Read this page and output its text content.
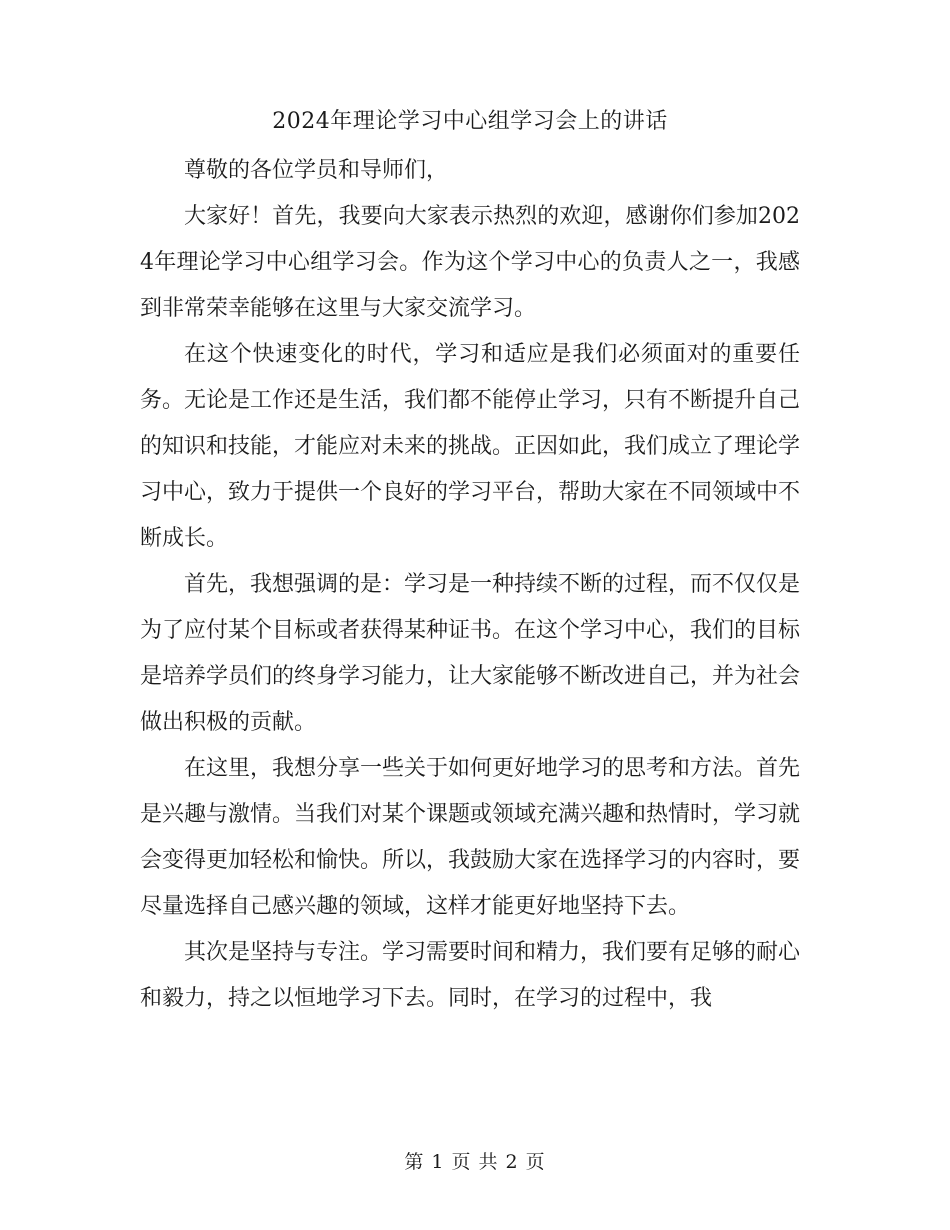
2024年理论学习中心组学习会上的讲话

尊敬的各位学员和导师们，

大家好！首先，我要向大家表示热烈的欢迎，感谢你们参加2024年理论学习中心组学习会。作为这个学习中心的负责人之一，我感到非常荣幸能够在这里与大家交流学习。

在这个快速变化的时代，学习和适应是我们必须面对的重要任务。无论是工作还是生活，我们都不能停止学习，只有不断提升自己的知识和技能，才能应对未来的挑战。正因如此，我们成立了理论学习中心，致力于提供一个良好的学习平台，帮助大家在不同领域中不断成长。

首先，我想强调的是：学习是一种持续不断的过程，而不仅仅是为了应付某个目标或者获得某种证书。在这个学习中心，我们的目标是培养学员们的终身学习能力，让大家能够不断改进自己，并为社会做出积极的贡献。

在这里，我想分享一些关于如何更好地学习的思考和方法。首先是兴趣与激情。当我们对某个课题或领域充满兴趣和热情时，学习就会变得更加轻松和愉快。所以，我鼓励大家在选择学习的内容时，要尽量选择自己感兴趣的领域，这样才能更好地坚持下去。

其次是坚持与专注。学习需要时间和精力，我们要有足够的耐心和毅力，持之以恒地学习下去。同时，在学习的过程中，我

第 1 页 共 2 页
